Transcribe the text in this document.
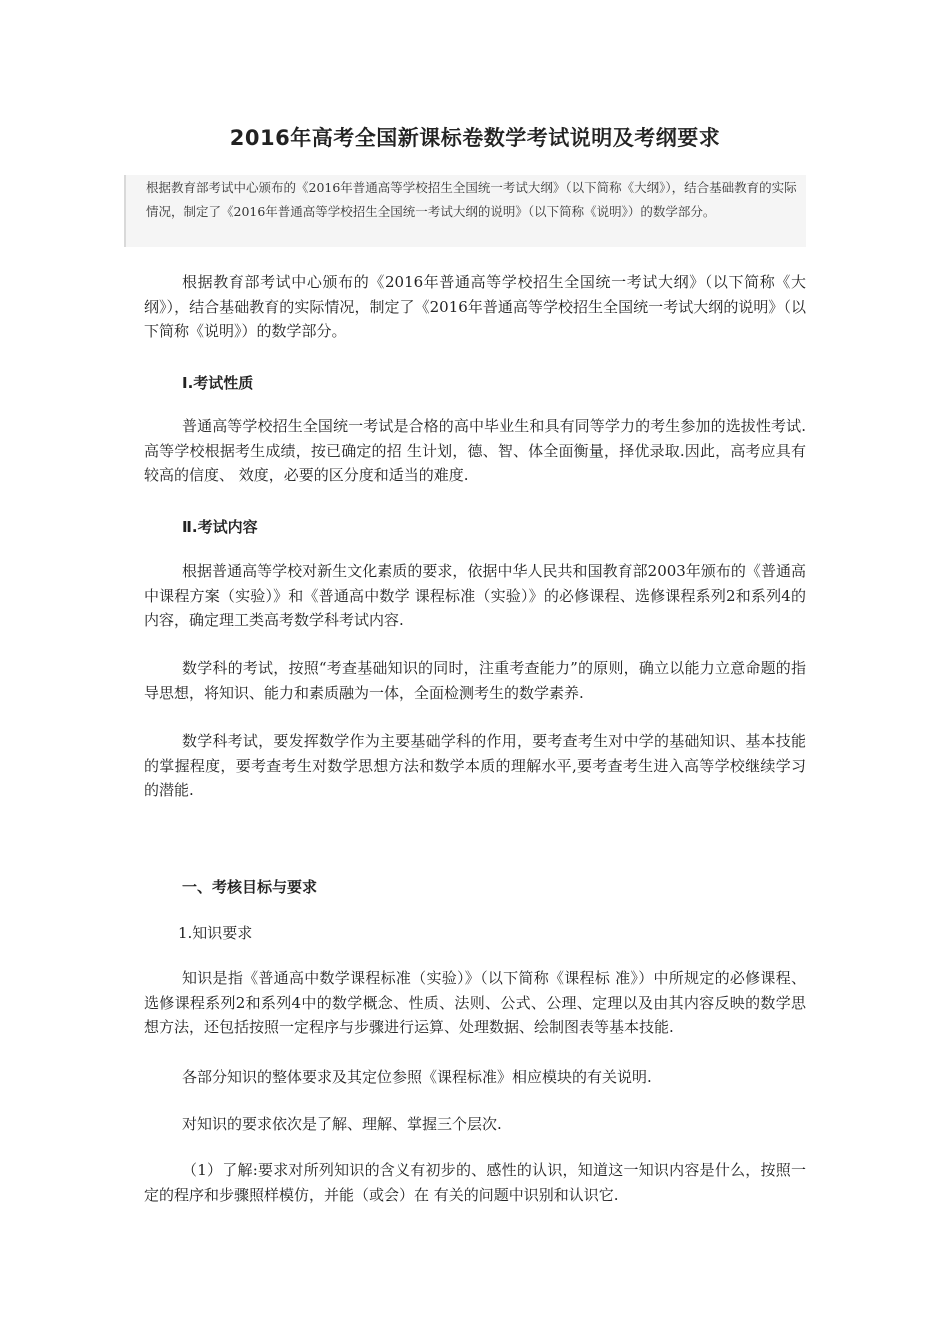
2016年高考全国新课标卷数学考试说明及考纲要求
根据教育部考试中心颁布的《2016年普通高等学校招生全国统一考试大纲》（以下简称《大纲》），结合基础教育的实际情况，制定了《2016年普通高等学校招生全国统一考试大纲的说明》（以下简称《说明》）的数学部分。

根据教育部考试中心颁布的《2016年普通高等学校招生全国统一考试大纲》（以下简称《大纲》），结合基础教育的实际情况，制定了《2016年普通高等学校招生全国统一考试大纲的说明》（以下简称《说明》）的数学部分。

Ⅰ.考试性质

普通高等学校招生全国统一考试是合格的高中毕业生和具有同等学力的考生参加的选拔性考试.高等学校根据考生成绩，按已确定的招 生计划，德、智、体全面衡量，择优录取.因此，高考应具有较高的信度、 效度，必要的区分度和适当的难度.

Ⅱ.考试内容

根据普通高等学校对新生文化素质的要求，依据中华人民共和国教育部2003年颁布的《普通高中课程方案（实验）》和《普通高中数学 课程标准（实验）》的必修课程、选修课程系列2和系列4的内容，确定理工类高考数学科考试内容.

数学科的考试，按照“考查基础知识的同时，注重考查能力”的原则，确立以能力立意命题的指导思想，将知识、能力和素质融为一体，全面检测考生的数学素养.

数学科考试，要发挥数学作为主要基础学科的作用，要考查考生对中学的基础知识、基本技能的掌握程度，要考查考生对数学思想方法和数学本质的理解水平,要考查考生进入高等学校继续学习的潜能.

一、考核目标与要求
1.知识要求

知识是指《普通高中数学课程标准（实验）》（以下简称《课程标 准》）中所规定的必修课程、选修课程系列2和系列4中的数学概念、性质、法则、公式、公理、定理以及由其内容反映的数学思想方法，还包括按照一定程序与步骤进行运算、处理数据、绘制图表等基本技能.

各部分知识的整体要求及其定位参照《课程标准》相应模块的有关说明.

对知识的要求依次是了解、理解、掌握三个层次.

（1）了解:要求对所列知识的含义有初步的、感性的认识，知道这一知识内容是什么，按照一定的程序和步骤照样模仿，并能（或会）在 有关的问题中识别和认识它.
